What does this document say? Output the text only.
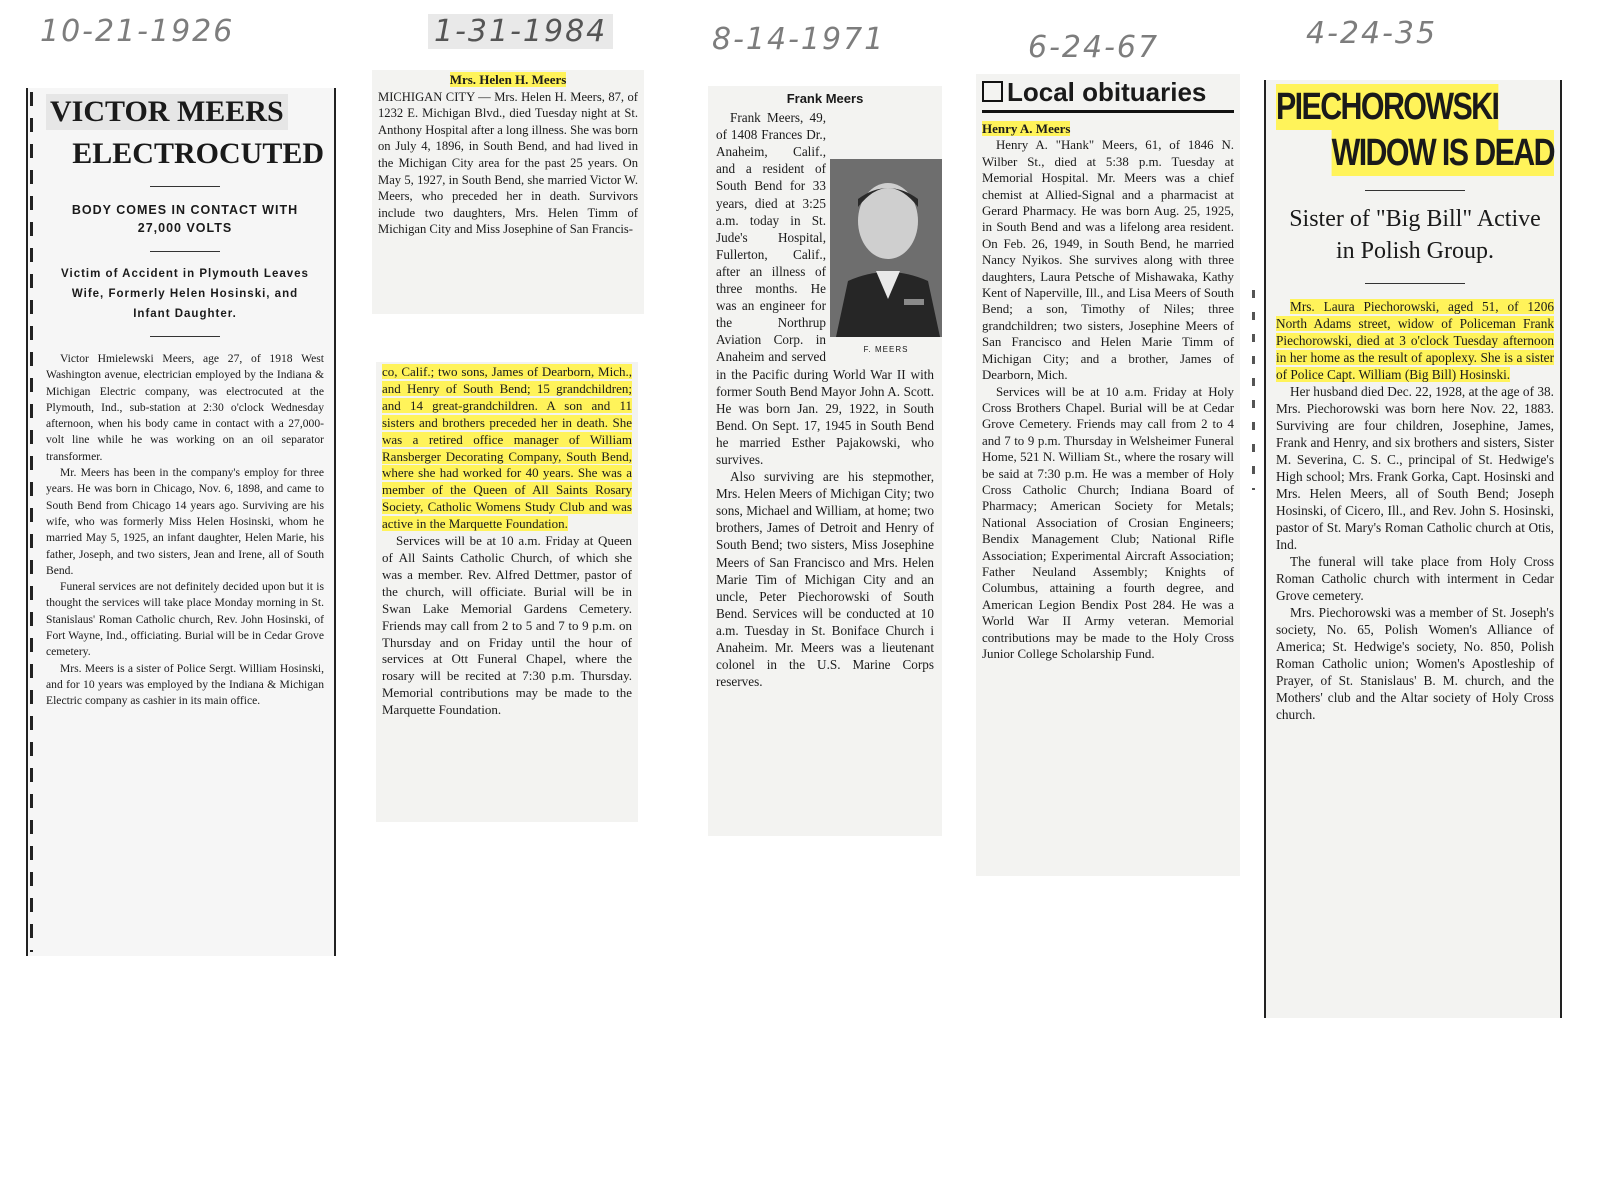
10-21-1926	1-31-1984	8-14-1971	6-24-67	4-24-35
VICTOR MEERS
ELECTROCUTED
BODY COMES IN CONTACT WITH 27,000 VOLTS
Victim of Accident in Plymouth Leaves Wife, Formerly Helen Hosinski, and Infant Daughter.

Victor Hmielewski Meers, age 27, of 1918 West Washington avenue, electrician employed by the Indiana & Michigan Electric company, was electrocuted at the Plymouth, Ind., sub-station at 2:30 o'clock Wednesday afternoon, when his body came in contact with a 27,000-volt line while he was working on an oil separator transformer.

Mr. Meers has been in the company's employ for three years. He was born in Chicago, Nov. 6, 1898, and came to South Bend from Chicago 14 years ago. Surviving are his wife, who was formerly Miss Helen Hosinski, whom he married May 5, 1925, an infant daughter, Helen Marie, his father, Joseph, and two sisters, Jean and Irene, all of South Bend.

Funeral services are not definitely decided upon but it is thought the services will take place Monday morning in St. Stanislaus' Roman Catholic church, Rev. John Hosinski, of Fort Wayne, Ind., officiating. Burial will be in Cedar Grove cemetery.

Mrs. Meers is a sister of Police Sergt. William Hosinski, and for 10 years was employed by the Indiana & Michigan Electric company as cashier in its main office.

Mrs. Helen H. Meers

MICHIGAN CITY — Mrs. Helen H. Meers, 87, of 1232 E. Michigan Blvd., died Tuesday night at St. Anthony Hospital after a long illness. She was born on July 4, 1896, in South Bend, and had lived in the Michigan City area for the past 25 years. On May 5, 1927, in South Bend, she married Victor W. Meers, who preceded her in death. Survivors include two daughters, Mrs. Helen Timm of Michigan City and Miss Josephine of San Francis-

co, Calif.; two sons, James of Dearborn, Mich., and Henry of South Bend; 15 grandchildren; and 14 great-grandchildren. A son and 11 sisters and brothers preceded her in death. She was a retired office manager of William Ransberger Decorating Company, South Bend, where she had worked for 40 years. She was a member of the Queen of All Saints Rosary Society, Catholic Womens Study Club and was active in the Marquette Foundation.

Services will be at 10 a.m. Friday at Queen of All Saints Catholic Church, of which she was a member. Rev. Alfred Dettmer, pastor of the church, will officiate. Burial will be in Swan Lake Memorial Gardens Cemetery. Friends may call from 2 to 5 and 7 to 9 p.m. on Thursday and on Friday until the hour of services at Ott Funeral Chapel, where the rosary will be recited at 7:30 p.m. Thursday. Memorial contributions may be made to the Marquette Foundation.

Frank Meers
F. MEERS

Frank Meers, 49, of 1408 Frances Dr., Anaheim, Calif., and a resident of South Bend for 33 years, died at 3:25 a.m. today in St. Jude's Hospital, Fullerton, Calif., after an illness of three months. He was an engineer for the Northrup Aviation Corp. in Anaheim and served in the Pacific during World War II with former South Bend Mayor John A. Scott. He was born Jan. 29, 1922, in South Bend. On Sept. 17, 1945 in South Bend he married Esther Pajakowski, who survives.

Also surviving are his stepmother, Mrs. Helen Meers of Michigan City; two sons, Michael and William, at home; two brothers, James of Detroit and Henry of South Bend; two sisters, Miss Josephine Meers of San Francisco and Mrs. Helen Marie Tim of Michigan City and an uncle, Peter Piechorowski of South Bend. Services will be conducted at 10 a.m. Tuesday in St. Boniface Church i Anaheim. Mr. Meers was a lieutenant colonel in the U.S. Marine Corps reserves.

Local obituaries
Henry A. Meers

Henry A. "Hank" Meers, 61, of 1846 N. Wilber St., died at 5:38 p.m. Tuesday at Memorial Hospital. Mr. Meers was a chief chemist at Allied-Signal and a pharmacist at Gerard Pharmacy. He was born Aug. 25, 1925, in South Bend and was a lifelong area resident. On Feb. 26, 1949, in South Bend, he married Nancy Nyikos. She survives along with three daughters, Laura Petsche of Mishawaka, Kathy Kent of Naperville, Ill., and Lisa Meers of South Bend; a son, Timothy of Niles; three grandchildren; two sisters, Josephine Meers of San Francisco and Helen Marie Timm of Michigan City; and a brother, James of Dearborn, Mich.

Services will be at 10 a.m. Friday at Holy Cross Brothers Chapel. Burial will be at Cedar Grove Cemetery. Friends may call from 2 to 4 and 7 to 9 p.m. Thursday in Welsheimer Funeral Home, 521 N. William St., where the rosary will be said at 7:30 p.m. He was a member of Holy Cross Catholic Church; Indiana Board of Pharmacy; American Society for Metals; National Association of Crosian Engineers; Bendix Management Club; National Rifle Association; Experimental Aircraft Association; Father Neuland Assembly; Knights of Columbus, attaining a fourth degree, and American Legion Bendix Post 284. He was a World War II Army veteran. Memorial contributions may be made to the Holy Cross Junior College Scholarship Fund.

PIECHOROWSKI
WIDOW IS DEAD
Sister of "Big Bill" Active in Polish Group.

Mrs. Laura Piechorowski, aged 51, of 1206 North Adams street, widow of Policeman Frank Piechorowski, died at 3 o'clock Tuesday afternoon in her home as the result of apoplexy. She is a sister of Police Capt. William (Big Bill) Hosinski.

Her husband died Dec. 22, 1928, at the age of 38. Mrs. Piechorowski was born here Nov. 22, 1883. Surviving are four children, Josephine, James, Frank and Henry, and six brothers and sisters, Sister M. Severina, C. S. C., principal of St. Hedwige's High school; Mrs. Frank Gorka, Capt. Hosinski and Mrs. Helen Meers, all of South Bend; Joseph Hosinski, of Cicero, Ill., and Rev. John S. Hosinski, pastor of St. Mary's Roman Catholic church at Otis, Ind.

The funeral will take place from Holy Cross Roman Catholic church with interment in Cedar Grove cemetery.

Mrs. Piechorowski was a member of St. Joseph's society, No. 65, Polish Women's Alliance of America; St. Hedwige's society, No. 850, Polish Roman Catholic union; Women's Apostleship of Prayer, of St. Stanislaus' B. M. church, and the Mothers' club and the Altar society of Holy Cross church.
